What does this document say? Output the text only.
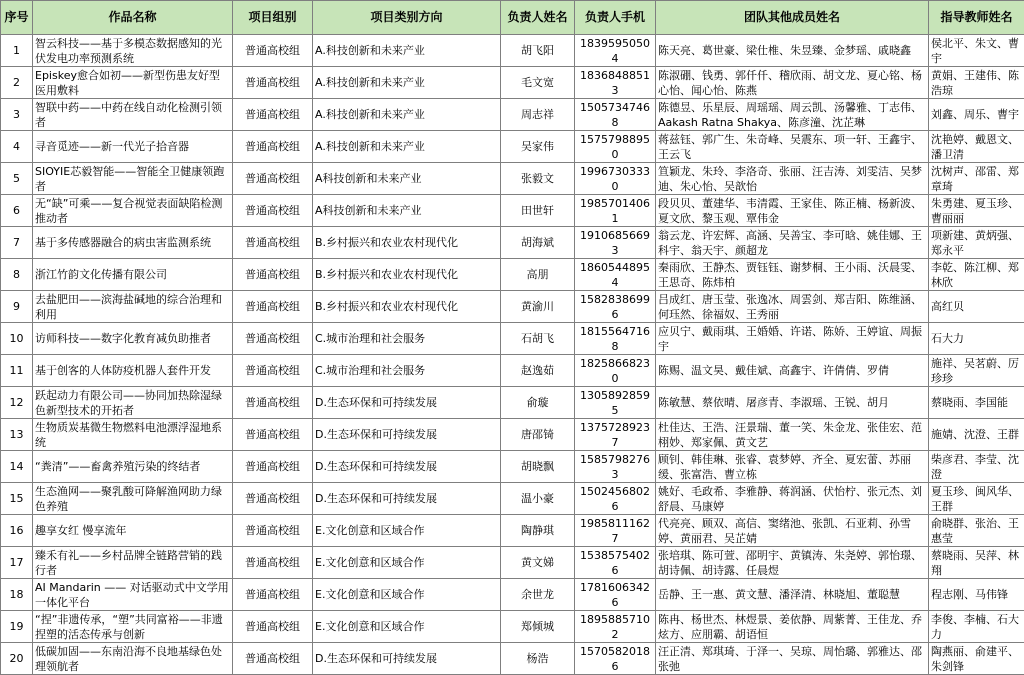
序号	作品名称	项目组别	项目类别方向	负责人姓名	负责人手机	团队其他成员姓名	指导教师姓名

1	智云科技——基于多模态数据感知的光伏发电功率预测系统	普通高校组	A.科技创新和未来产业	胡飞阳	18395950504	陈天亮、葛世豪、梁仕椎、朱昱臻、金梦瑶、戚晓鑫	侯北平、朱文、曹宇

2	Episkey愈合如初——新型伤患友好型医用敷料	普通高校组	A.科技创新和未来产业	毛文宽	18368488513	陈淑硼、钱勇、郭仟仟、稽欣雨、胡文龙、夏心铭、杨心怡、闻心怡、陈燕	黄娟、王建伟、陈浩琼

3	智联中药——中药在线自动化检测引领者	普通高校组	A.科技创新和未来产业	周志祥	15057347468	陈德昱、乐星辰、周瑶瑶、周云凯、汤馨雅、丁志伟、Aakash Ratna Shakya、陈彦潼、沈芷琳	刘鑫、周乐、曹宇

4	寻音觅迹——新一代光子拾音器	普通高校组	A.科技创新和未来产业	吴家伟	15757988950	蒋兹钰、郭广生、朱奇峰、吴震东、项一轩、王鑫宇、王云飞	沈艳婷、戴恩文、潘卫清

5	SIOYIE芯毅智能——智能全卫健康领跑者	普通高校组	A科技创新和未来产业	张毅文	19967303330	笪颖龙、朱玲、李洛奇、张丽、汪吉涛、刘雯洁、吴梦迪、朱心怡、吴歆怡	沈树声、邵雷、郑章琦

6	无“缺”可乘——复合视觉表面缺陷检测推动者	普通高校组	A科技创新和未来产业	田世轩	19857014061	段贝贝、董建华、韦清霞、王家佳、陈正楠、杨新波、夏文欣、黎玉观、覃伟金	朱勇建、夏玉珍、曹丽丽

7	基于多传感器融合的病虫害监测系统	普通高校组	B.乡村振兴和农业农村现代化	胡海斌	19106856693	翁云龙、许宏辉、高涵、吴善宝、李可晗、姚佳娜、王科宇、翁天宇、颜超龙	项新建、黄炳强、郑永平

8	浙江竹韵文化传播有限公司	普通高校组	B.乡村振兴和农业农村现代化	高朋	18605448954	秦雨欣、王静杰、贾钰钰、谢梦桐、王小雨、沃晨雯、王思奇、陈炜柏	李乾、陈江柳、郑林欣

9	去盐肥田——滨海盐碱地的综合治理和利用	普通高校组	B.乡村振兴和农业农村现代化	黄渝川	15828386996	吕成红、唐玉莹、张逸冰、周雲剑、郑吉阳、陈维涵、何珏然、徐福奴、王秀丽	高红贝

10	访师科技——数字化教育减负助推者	普通高校组	C.城市治理和社会服务	石胡飞	18155647168	应贝宁、戴雨琪、王婚婚、许诺、陈娇、王婷谊、周振宇	石大力

11	基于创客的人体防疫机器人套件开发	普通高校组	C.城市治理和社会服务	赵逸茹	18258668230	陈赐、温文昊、戴佳斌、高鑫宇、许倩倩、罗倩	施祥、吴茗蔚、厉珍珍

12	跃起动力有限公司——协同加热除湿绿色新型技术的开拓者	普通高校组	D.生态环保和可持续发展	俞璇	13058928595	陈敏慧、蔡依晴、屠彦青、李淑瑶、王锐、胡月	蔡晓雨、李国能

13	生物质炭基微生物燃料电池漂浮湿地系统	普通高校组	D.生态环保和可持续发展	唐邵锜	13757289237	杜佳达、王浩、汪景瑞、董一笑、朱金龙、张佳宏、范栩妙、郑家佩、黄文艺	施婧、沈澄、王群

14	“粪清”——畜禽养殖污染的终结者	普通高校组	D.生态环保和可持续发展	胡晓飘	15857982763	顾钊、韩佳琳、张睿、袁梦婷、齐全、夏宏蕾、苏丽缓、张富浩、曹立栋	柴彦君、李莹、沈澄

15	生态渔网——聚乳酸可降解渔网助力绿色养殖	普通高校组	D.生态环保和可持续发展	温小豪	15024568026	姚好、毛政希、李雅静、蒋润涵、伏怡柠、张元杰、刘舒晨、马康婷	夏玉珍、闽风华、王群

16	趣享女红 慢享流年	普通高校组	E.文化创意和区域合作	陶静琪	19858111627	代亮亮、顾双、高信、窦绪池、张凯、石亚莉、孙雪婷、黄丽君、吴芷婧	俞晓群、张治、王惠莹

17	臻禾有礼——乡村品牌全链路营销的践行者	普通高校组	E.文化创意和区域合作	黄文娣	15385754026	张培琪、陈可萱、邵明宇、黄镇涛、朱尧婷、郭怡璟、胡诗佩、胡诗露、任晨煜	蔡晓雨、吴萍、林翔

18	AI Mandarin —— 对话驱动式中文学用一体化平台	普通高校组	E.文化创意和区域合作	余世龙	17816063426	岳静、王一惠、黄文慧、潘泽清、林晓旭、董聪慧	程志刚、马伟锋

19	“捏”非遗传承，“塑”共同富裕——非遗捏塑的活态传承与创新	普通高校组	E.文化创意和区域合作	郑倾城	18958857102	陈冉、杨世杰、林煜景、姜依静、周紫菁、王佳龙、乔炫方、应朋霸、胡语恒	李俊、李楠、石大力

20	低碳加固——东南沿海不良地基绿色处理领航者	普通高校组	D.生态环保和可持续发展	杨浩	15705820186	汪正清、郑琪琦、于泽一、吴琼、周怡璐、郭雅达、邵张弛	陶燕丽、俞建平、朱剑锋
